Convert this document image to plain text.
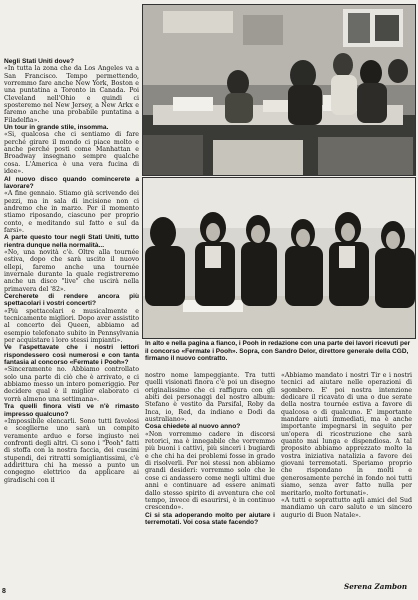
Negli Stati Uniti dove?

«In tutta la zona che da Los Angeles va a San Francisco. Tempo permettendo, vorremmo fare anche New York, Boston e una puntatina a Toronto in Canada. Poi Cleveland nell'Ohio e quindi ci sposteremo nel New Jersey, a New Arkx e faremo anche una probabile puntatina a Filadelfia».

Un tour in grande stile, insomma.

«Si, qualcosa che ci sentiamo di fare perché girare il mondo ci piace molto e anche perché posti come Manhattan e Broadway insegnano sempre qualche cosa. L'America è una vera fucina di idee».

Al nuovo disco quando comincerete a lavorare?

«A fine gennaio. Stiamo già scrivendo dei pezzi, ma in sala di incisione non ci andremo che in marzo. Per il momento stiamo riposando, ciascuno per proprio conto, e meditando sul fatto e sul da farsi».

A parte questo tour negli Stati Uniti, tutto rientra dunque nella normalità...

«No, una novità c'è. Oltre alla tournée estiva, dopo che sarà uscito il nuovo ellepi, faremo anche una tournée invernale durante la quale registreremo anche un disco "live" che uscirà nella primavera del '82».

Cercherete di rendere ancora più spettacolari i vostri concerti?

«Più spettacolari e musicalmente e tecnicamente migliori. Dopo aver assistito al concerto dei Queen, abbiamo ad esempio telefonato subito in Pennsylvania per acquistare i loro stessi impianti».

Ve l'aspettavate che i nostri lettori rispondessero così numerosi e con tanta fantasia al concorso «Fermate i Pooh»?

«Sinceramente no. Abbiamo controllato solo una parte di ciò che è arrivato, e ci abbiamo messo un intero pomeriggio. Per decidere qual è il miglior elaborato ci vorrà almeno una settimana».

Tra quelli finora visti ve n'è rimasto impresso qualcuno?

«Impossibile elencarli. Sono tutti favolosi e sceglierne uno sarà un compito veramente arduo e forse ingiusto nei confronti degli altri. Ci sono i "Pooh" fatti di stoffa con la nostra faccia, dei cuscini stupendi, dei ritratti somigliantissimi, c'è addirittura chi ha messo a punto un congegno elettrico da applicare ai giradischi con il

In alto e nella pagina a fianco, i Pooh in redazione con una parte dei lavori ricevuti per il concorso «Fermate i Pooh». Sopra, con Sandro Delor, direttore generale della CGD, firmano il nuovo contratto.

nostro nome lampeggiante. Tra tutti quelli visionati finora c'è poi un disegno originalissimo che ci raffigura con gli abiti dei personaggi del nostro album: Stefano è vestito da Parsifal, Roby da Inca, io, Red, da indiano e Dodi da australiano».

Cosa chiedete al nuovo anno?

«Non vorremmo cadere in discorsi retorici, ma è innegabile che vorremmo più buoni i cattivi, più sinceri i bugiardi e che chi ha dei problemi fosse in grado di risolverli. Per noi stessi non abbiamo grandi desideri: vorremmo solo che le cose ci andassero come negli ultimi due anni e continuare ad essere animati dallo stesso spirito di avventura che col tempo, invece di esaurirsi, è in continuo crescendo».

Ci si sta adoperando molto per aiutare i terremotati. Voi cosa state facendo?

«Abbiamo mandato i nostri Tir e i nostri tecnici ad aiutare nelle operazioni di sgombero. E' poi nostra intenzione dedicare il ricavato di una o due serate della nostra tournée estiva a favore di qualcosa o di qualcuno. E' importante mandare aiuti immediati, ma è anche importante impegnarsi in seguito per un'opera di ricostruzione che sarà quanto mai lunga e dispendiosa. A tal proposito abbiamo apprezzato molto la vostra iniziativa natalizia a favore dei giovani terremotati. Speriamo proprio che rispondano in molti e generosamente perché in fondo noi tutti siamo, senza aver fatto nulla per meritarlo, molto fortunati».

«A tutti e soprattutto agli amici del Sud mandiamo un caro saluto e un sincero augurio di Buon Natale».

Serena Zambon
8
